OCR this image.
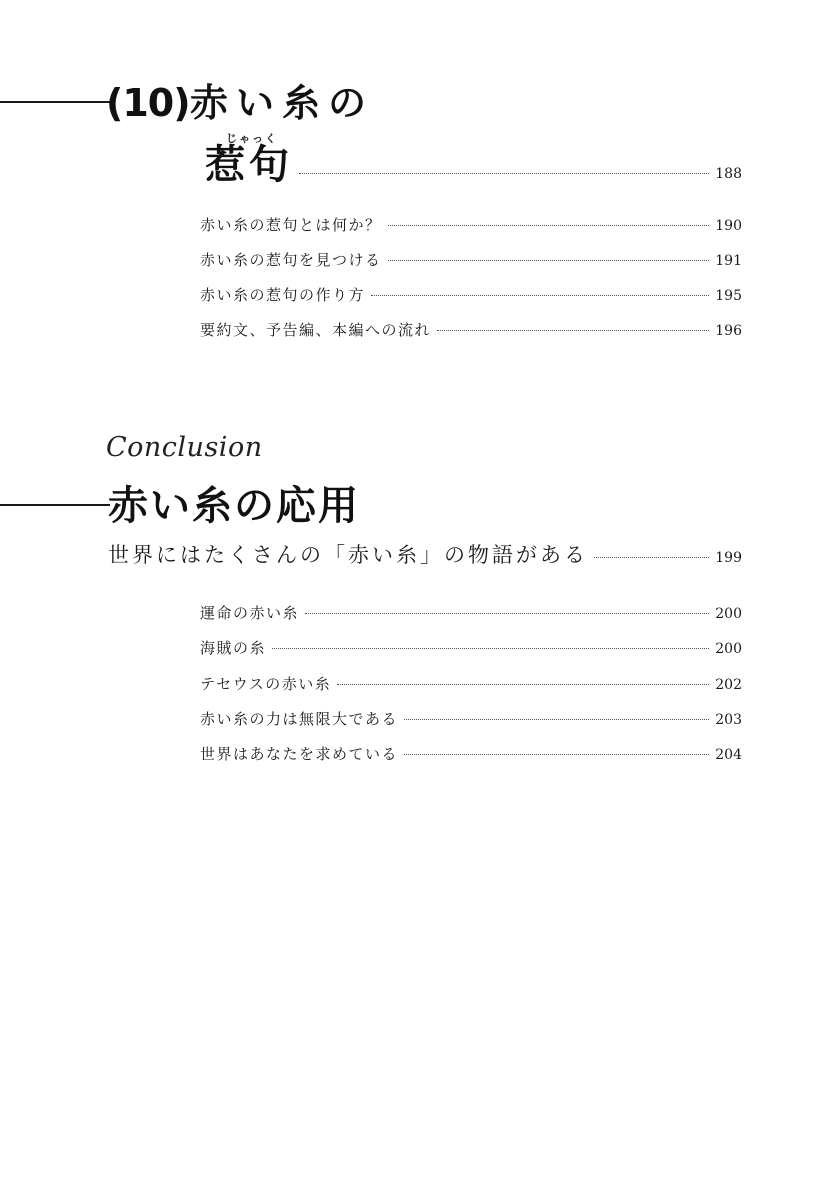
(10) 赤い糸の
じゃっく
惹句	188
赤い糸の惹句とは何か？	190
赤い糸の惹句を見つける	191
赤い糸の惹句の作り方	195
要約文、予告編、本編への流れ	196
Conclusion
赤い糸の応用
世界にはたくさんの「赤い糸」の物語がある	199
運命の赤い糸	200
海賊の糸	200
テセウスの赤い糸	202
赤い糸の力は無限大である	203
世界はあなたを求めている	204
